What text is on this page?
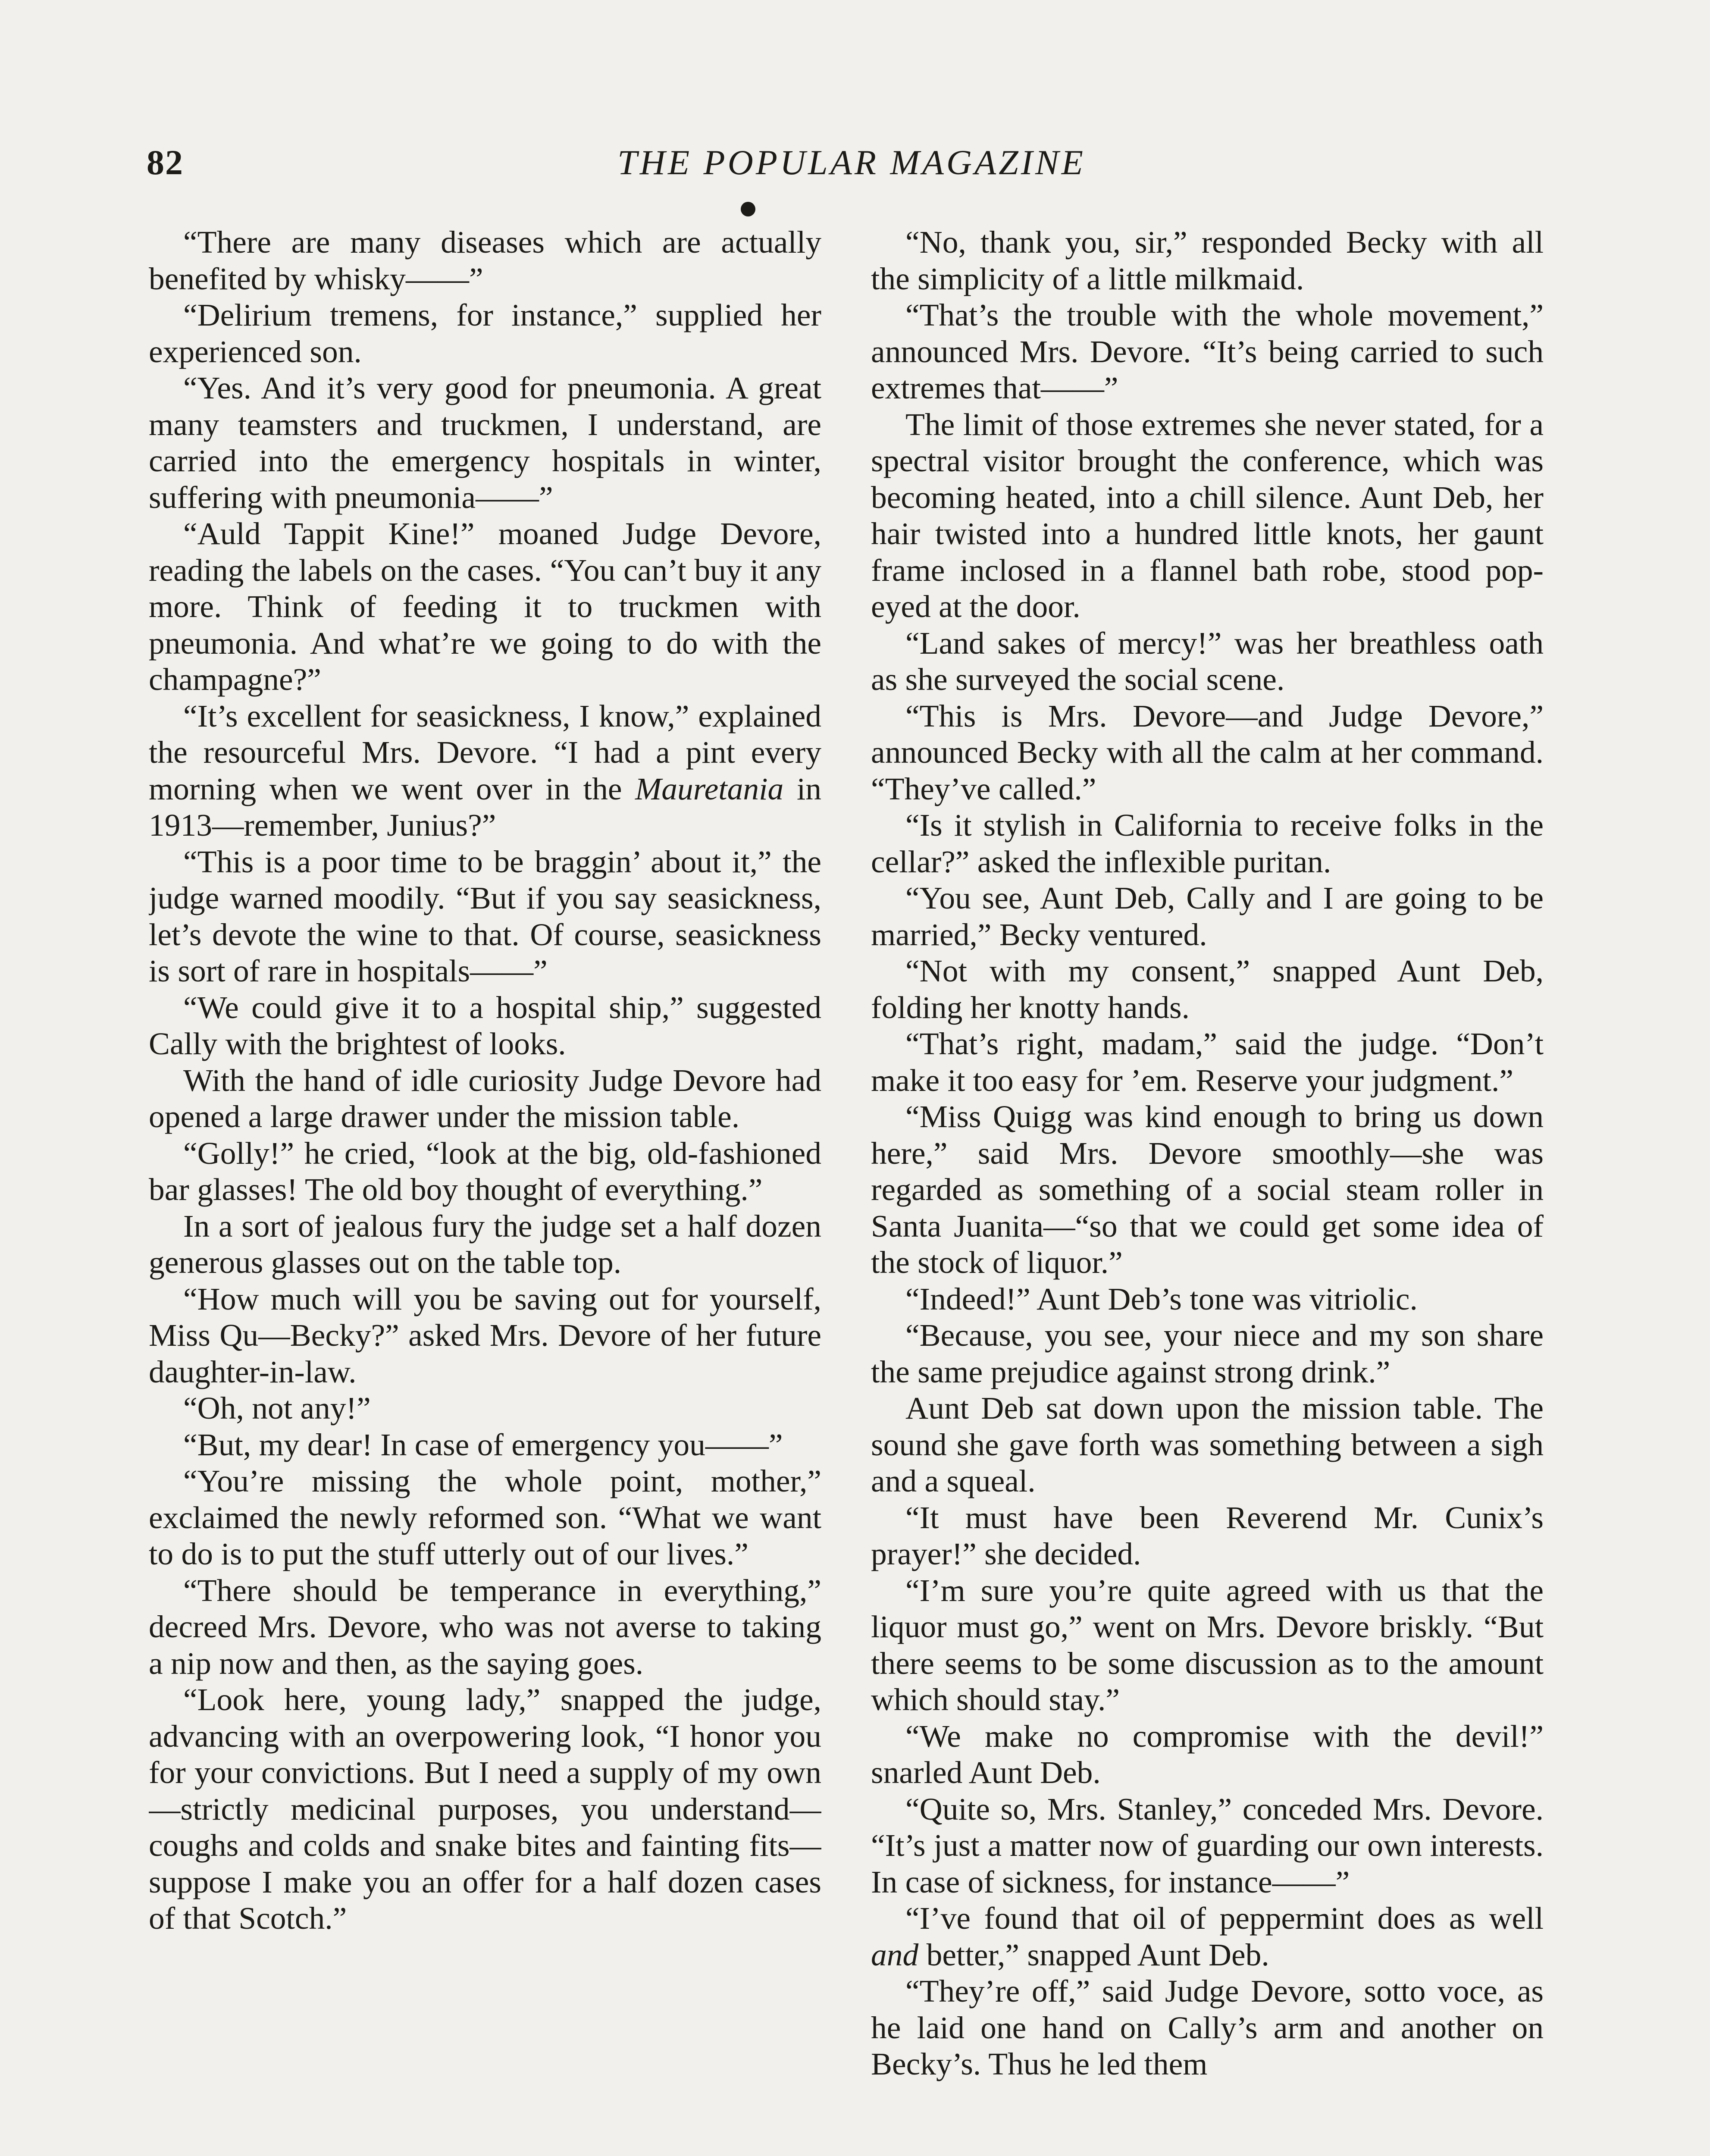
82	THE POPULAR MAGAZINE

“There are many diseases which are actually benefited by whisky——”

“Delirium tremens, for instance,” supplied her experienced son.

“Yes. And it’s very good for pneumonia. A great many teamsters and truckmen, I understand, are carried into the emergency hospitals in winter, suffering with pneumonia——”

“Auld Tappit Kine!” moaned Judge Devore, reading the labels on the cases. “You can’t buy it any more. Think of feeding it to truckmen with pneumonia. And what’re we going to do with the champagne?”

“It’s excellent for seasickness, I know,” explained the resourceful Mrs. Devore. “I had a pint every morning when we went over in the Mauretania in 1913—remember, Junius?”

“This is a poor time to be braggin’ about it,” the judge warned moodily. “But if you say seasickness, let’s devote the wine to that. Of course, seasickness is sort of rare in hospitals——”

“We could give it to a hospital ship,” suggested Cally with the brightest of looks.

With the hand of idle curiosity Judge Devore had opened a large drawer under the mission table.

“Golly!” he cried, “look at the big, old-fashioned bar glasses! The old boy thought of everything.”

In a sort of jealous fury the judge set a half dozen generous glasses out on the table top.

“How much will you be saving out for yourself, Miss Qu—Becky?” asked Mrs. Devore of her future daughter-in-law.

“Oh, not any!”

“But, my dear! In case of emergency you——”

“You’re missing the whole point, mother,” exclaimed the newly reformed son. “What we want to do is to put the stuff utterly out of our lives.”

“There should be temperance in everything,” decreed Mrs. Devore, who was not averse to taking a nip now and then, as the saying goes.

“Look here, young lady,” snapped the judge, advancing with an overpowering look, “I honor you for your convictions. But I need a supply of my own—strictly medicinal purposes, you understand—coughs and colds and snake bites and fainting fits—suppose I make you an offer for a half dozen cases of that Scotch.”

“No, thank you, sir,” responded Becky with all the simplicity of a little milkmaid.

“That’s the trouble with the whole movement,” announced Mrs. Devore. “It’s being carried to such extremes that——”

The limit of those extremes she never stated, for a spectral visitor brought the conference, which was becoming heated, into a chill silence. Aunt Deb, her hair twisted into a hundred little knots, her gaunt frame inclosed in a flannel bath robe, stood pop-eyed at the door.

“Land sakes of mercy!” was her breathless oath as she surveyed the social scene.

“This is Mrs. Devore—and Judge Devore,” announced Becky with all the calm at her command. “They’ve called.”

“Is it stylish in California to receive folks in the cellar?” asked the inflexible puritan.

“You see, Aunt Deb, Cally and I are going to be married,” Becky ventured.

“Not with my consent,” snapped Aunt Deb, folding her knotty hands.

“That’s right, madam,” said the judge. “Don’t make it too easy for ’em. Reserve your judgment.”

“Miss Quigg was kind enough to bring us down here,” said Mrs. Devore smoothly—she was regarded as something of a social steam roller in Santa Juanita—“so that we could get some idea of the stock of liquor.”

“Indeed!” Aunt Deb’s tone was vitriolic.

“Because, you see, your niece and my son share the same prejudice against strong drink.”

Aunt Deb sat down upon the mission table. The sound she gave forth was something between a sigh and a squeal.

“It must have been Reverend Mr. Cunix’s prayer!” she decided.

“I’m sure you’re quite agreed with us that the liquor must go,” went on Mrs. Devore briskly. “But there seems to be some discussion as to the amount which should stay.”

“We make no compromise with the devil!” snarled Aunt Deb.

“Quite so, Mrs. Stanley,” conceded Mrs. Devore. “It’s just a matter now of guarding our own interests. In case of sickness, for instance——”

“I’ve found that oil of peppermint does as well and better,” snapped Aunt Deb.

“They’re off,” said Judge Devore, sotto voce, as he laid one hand on Cally’s arm and another on Becky’s. Thus he led them
